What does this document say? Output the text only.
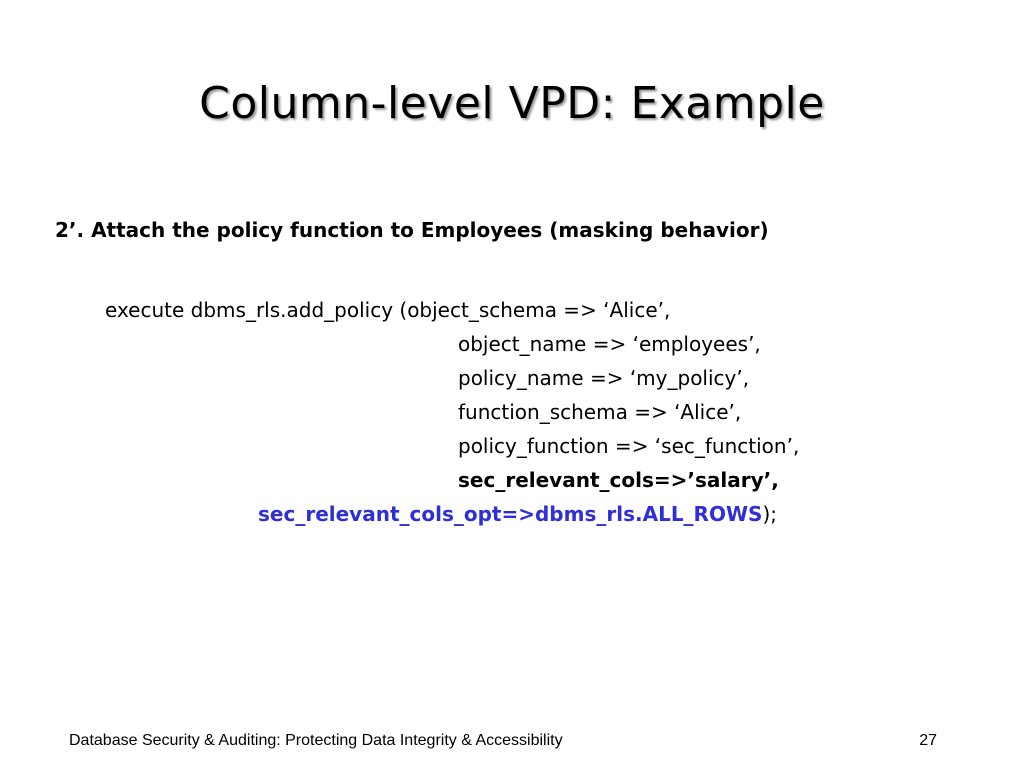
Column-level VPD: Example
2’. Attach the policy function to Employees (masking behavior)
execute dbms_rls.add_policy (object_schema => ‘Alice’,
object_name => ‘employees’,
policy_name => ‘my_policy’,
function_schema => ‘Alice’,
policy_function => ‘sec_function’,
sec_relevant_cols=>’salary’,
sec_relevant_cols_opt=>dbms_rls.ALL_ROWS);
Database Security & Auditing: Protecting Data Integrity & Accessibility	27
